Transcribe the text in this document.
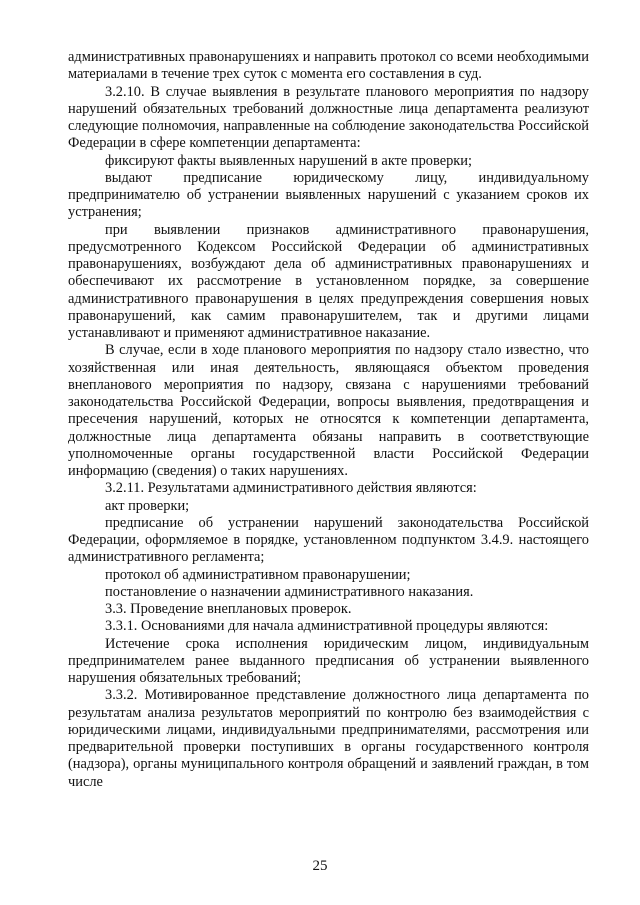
административных правонарушениях и направить протокол со всеми необходимыми материалами в течение трех суток с момента его составления в суд.

3.2.10. В случае выявления в результате планового мероприятия по надзору нарушений обязательных требований должностные лица департамента реализуют следующие полномочия, направленные на соблюдение законодательства Российской Федерации в сфере компетенции департамента:

фиксируют факты выявленных нарушений в акте проверки;

выдают предписание юридическому лицу, индивидуальному предпринимателю об устранении выявленных нарушений с указанием сроков их устранения;

при выявлении признаков административного правонарушения, предусмотренного Кодексом Российской Федерации об административных правонарушениях, возбуждают дела об административных правонарушениях и обеспечивают их рассмотрение в установленном порядке, за совершение административного правонарушения в целях предупреждения совершения новых правонарушений, как самим правонарушителем, так и другими лицами устанавливают и применяют административное наказание.

В случае, если в ходе планового мероприятия по надзору стало известно, что хозяйственная или иная деятельность, являющаяся объектом проведения внепланового мероприятия по надзору, связана с нарушениями требований законодательства Российской Федерации, вопросы выявления, предотвращения и пресечения нарушений, которых не относятся к компетенции департамента, должностные лица департамента обязаны направить в соответствующие уполномоченные органы государственной власти Российской Федерации информацию (сведения) о таких нарушениях.

3.2.11. Результатами административного действия являются:

акт проверки;

предписание об устранении нарушений законодательства Российской Федерации, оформляемое в порядке, установленном подпунктом 3.4.9. настоящего административного регламента;

протокол об административном правонарушении;

постановление о назначении административного наказания.

3.3. Проведение внеплановых проверок.

3.3.1. Основаниями для начала административной процедуры являются:

Истечение срока исполнения юридическим лицом, индивидуальным предпринимателем ранее выданного предписания об устранении выявленного нарушения обязательных требований;

3.3.2. Мотивированное представление должностного лица департамента по результатам анализа результатов мероприятий по контролю без взаимодействия с юридическими лицами, индивидуальными предпринимателями, рассмотрения или предварительной проверки поступивших в органы государственного контроля (надзора), органы муниципального контроля обращений и заявлений граждан, в том числе

25
